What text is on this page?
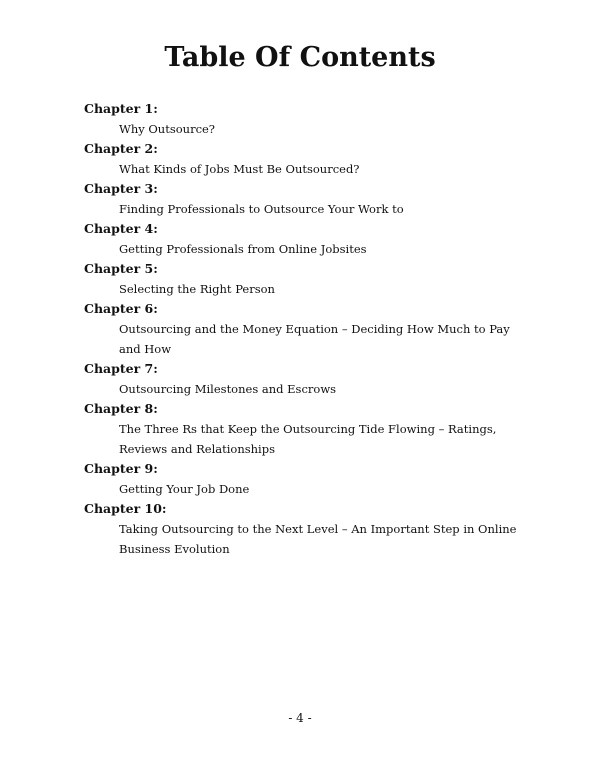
Table Of Contents
Chapter 1:
Why Outsource?
Chapter 2:
What Kinds of Jobs Must Be Outsourced?
Chapter 3:
Finding Professionals to Outsource Your Work to
Chapter 4:
Getting Professionals from Online Jobsites
Chapter 5:
Selecting the Right Person
Chapter 6:
Outsourcing and the Money Equation – Deciding How Much to Pay and How
Chapter 7:
Outsourcing Milestones and Escrows
Chapter 8:
The Three Rs that Keep the Outsourcing Tide Flowing – Ratings, Reviews and Relationships
Chapter 9:
Getting Your Job Done
Chapter 10:
Taking Outsourcing to the Next Level – An Important Step in Online Business Evolution
- 4 -
